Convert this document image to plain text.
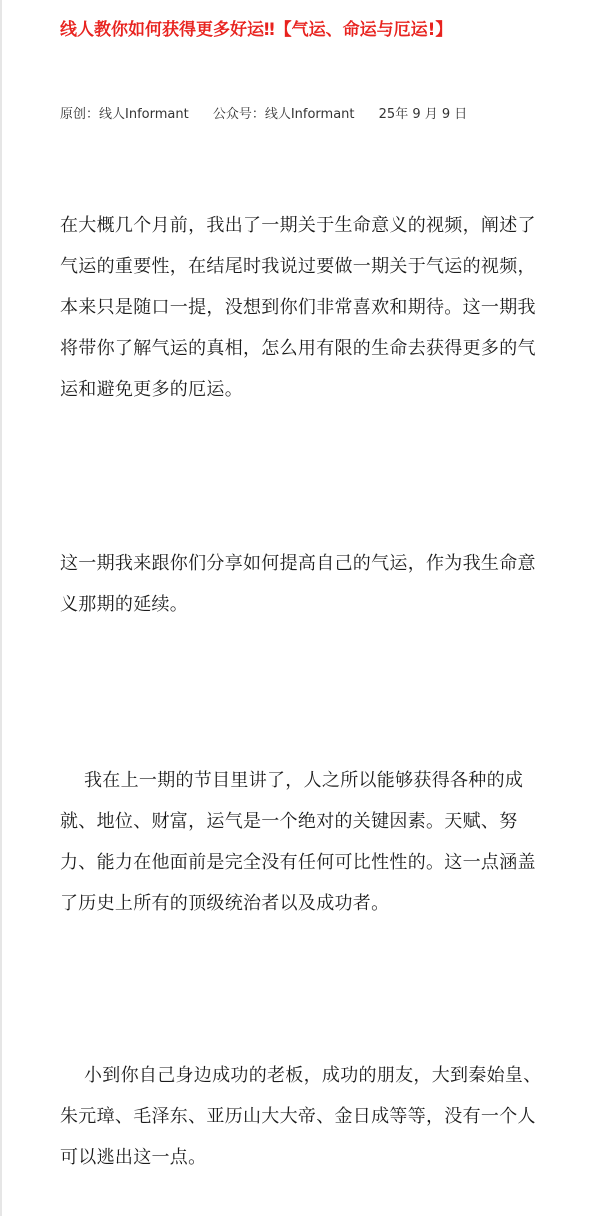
线人教你如何获得更多好运‼【气运、命运与厄运!】
原创：线人Informant 公众号：线人Informant 25年 9 月 9 日

在大概几个月前，我出了一期关于生命意义的视频，阐述了气运的重要性，在结尾时我说过要做一期关于气运的视频，本来只是随口一提，没想到你们非常喜欢和期待。这一期我将带你了解气运的真相，怎么用有限的生命去获得更多的气运和避免更多的厄运。

这一期我来跟你们分享如何提高自己的气运，作为我生命意义那期的延续。

我在上一期的节目里讲了，人之所以能够获得各种的成就、地位、财富，运气是一个绝对的关键因素。天赋、努力、能力在他面前是完全没有任何可比性性的。这一点涵盖了历史上所有的顶级统治者以及成功者。

小到你自己身边成功的老板，成功的朋友，大到秦始皇、朱元璋、毛泽东、亚历山大大帝、金日成等等，没有一个人可以逃出这一点。
